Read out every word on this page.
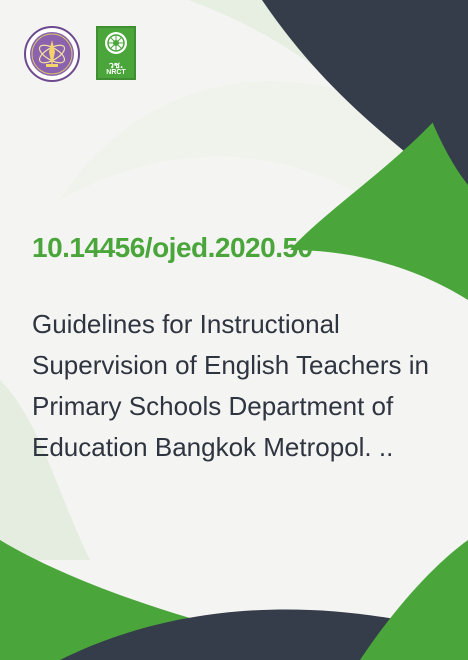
วช.
NRCT
10.14456/ojed.2020.50

Guidelines for Instructional Supervision of English Teachers in Primary Schools Department of Education Bangkok Metropol. ..
